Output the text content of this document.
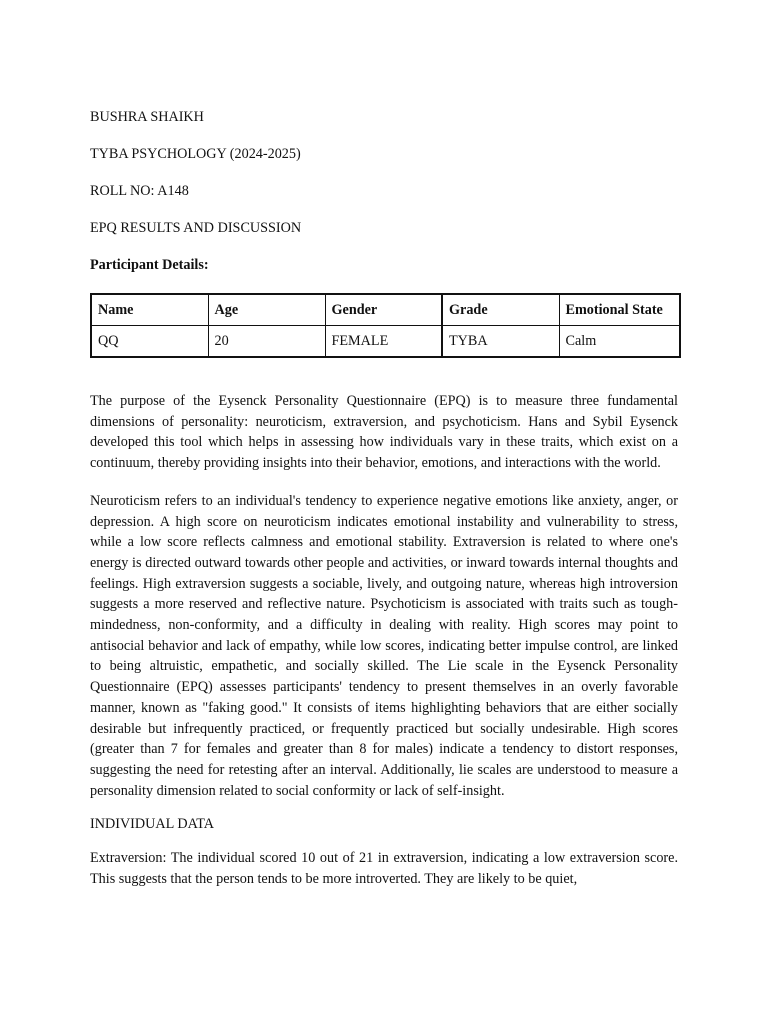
BUSHRA SHAIKH

TYBA PSYCHOLOGY (2024-2025)

ROLL NO: A148

EPQ RESULTS AND DISCUSSION

Participant Details:

Name	Age	Gender	Grade	Emotional State
QQ	20	FEMALE	TYBA	Calm

The purpose of the Eysenck Personality Questionnaire (EPQ) is to measure three fundamental dimensions of personality: neuroticism, extraversion, and psychoticism. Hans and Sybil Eysenck developed this tool which helps in assessing how individuals vary in these traits, which exist on a continuum, thereby providing insights into their behavior, emotions, and interactions with the world.

Neuroticism refers to an individual's tendency to experience negative emotions like anxiety, anger, or depression. A high score on neuroticism indicates emotional instability and vulnerability to stress, while a low score reflects calmness and emotional stability. Extraversion is related to where one's energy is directed outward towards other people and activities, or inward towards internal thoughts and feelings. High extraversion suggests a sociable, lively, and outgoing nature, whereas high introversion suggests a more reserved and reflective nature. Psychoticism is associated with traits such as tough-mindedness, non-conformity, and a difficulty in dealing with reality. High scores may point to antisocial behavior and lack of empathy, while low scores, indicating better impulse control, are linked to being altruistic, empathetic, and socially skilled. The Lie scale in the Eysenck Personality Questionnaire (EPQ) assesses participants' tendency to present themselves in an overly favorable manner, known as "faking good." It consists of items highlighting behaviors that are either socially desirable but infrequently practiced, or frequently practiced but socially undesirable. High scores (greater than 7 for females and greater than 8 for males) indicate a tendency to distort responses, suggesting the need for retesting after an interval. Additionally, lie scales are understood to measure a personality dimension related to social conformity or lack of self-insight.

INDIVIDUAL DATA

Extraversion: The individual scored 10 out of 21 in extraversion, indicating a low extraversion score. This suggests that the person tends to be more introverted. They are likely to be quiet,
